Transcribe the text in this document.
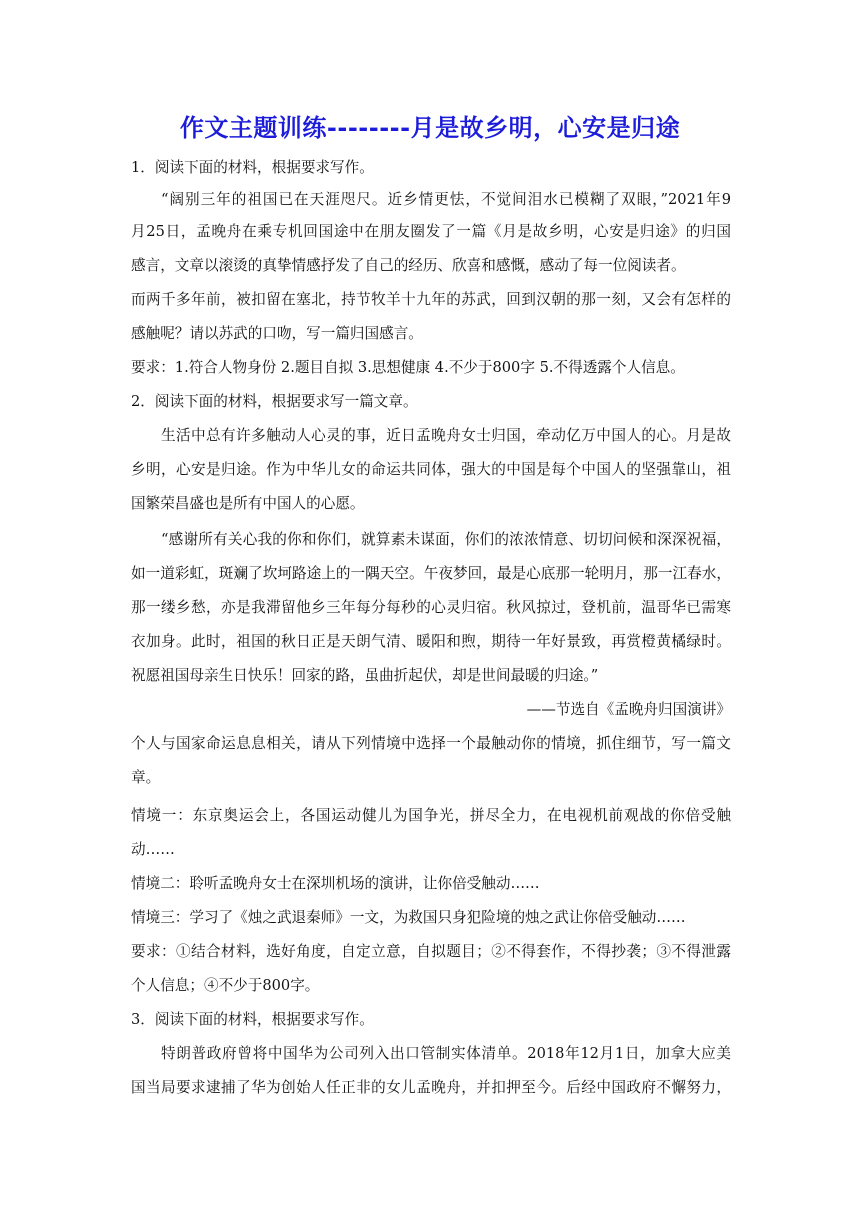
作文主题训练--------月是故乡明，心安是归途
1．阅读下面的材料，根据要求写作。
“阔别三年的祖国已在天涯咫尺。近乡情更怯，不觉间泪水已模糊了双眼，”2021年9
月25日，孟晚舟在乘专机回国途中在朋友圈发了一篇《月是故乡明，心安是归途》的归国
感言，文章以滚烫的真挚情感抒发了自己的经历、欣喜和感慨，感动了每一位阅读者。
而两千多年前，被扣留在塞北，持节牧羊十九年的苏武，回到汉朝的那一刻，又会有怎样的
感触呢？请以苏武的口吻，写一篇归国感言。
要求：1.符合人物身份 2.题目自拟 3.思想健康 4.不少于800字 5.不得透露个人信息。
2．阅读下面的材料，根据要求写一篇文章。
生活中总有许多触动人心灵的事，近日孟晚舟女士归国，牵动亿万中国人的心。月是故
乡明，心安是归途。作为中华儿女的命运共同体，强大的中国是每个中国人的坚强靠山，祖
国繁荣昌盛也是所有中国人的心愿。
“感谢所有关心我的你和你们，就算素未谋面，你们的浓浓情意、切切问候和深深祝福，
如一道彩虹，斑斓了坎坷路途上的一隅天空。午夜梦回，最是心底那一轮明月，那一江春水，
那一缕乡愁，亦是我滞留他乡三年每分每秒的心灵归宿。秋风掠过，登机前，温哥华已需寒
衣加身。此时，祖国的秋日正是天朗气清、暖阳和煦，期待一年好景致，再赏橙黄橘绿时。
祝愿祖国母亲生日快乐！回家的路，虽曲折起伏，却是世间最暖的归途。”
——节选自《孟晚舟归国演讲》
个人与国家命运息息相关，请从下列情境中选择一个最触动你的情境，抓住细节，写一篇文
章。
情境一：东京奥运会上，各国运动健儿为国争光，拼尽全力，在电视机前观战的你倍受触
动……
情境二：聆听孟晚舟女士在深圳机场的演讲，让你倍受触动……
情境三：学习了《烛之武退秦师》一文，为救国只身犯险境的烛之武让你倍受触动……
要求：①结合材料，选好角度，自定立意，自拟题目；②不得套作，不得抄袭；③不得泄露
个人信息；④不少于800字。
3．阅读下面的材料，根据要求写作。
特朗普政府曾将中国华为公司列入出口管制实体清单。2018年12月1日，加拿大应美
国当局要求逮捕了华为创始人任正非的女儿孟晚舟，并扣押至今。后经中国政府不懈努力，
